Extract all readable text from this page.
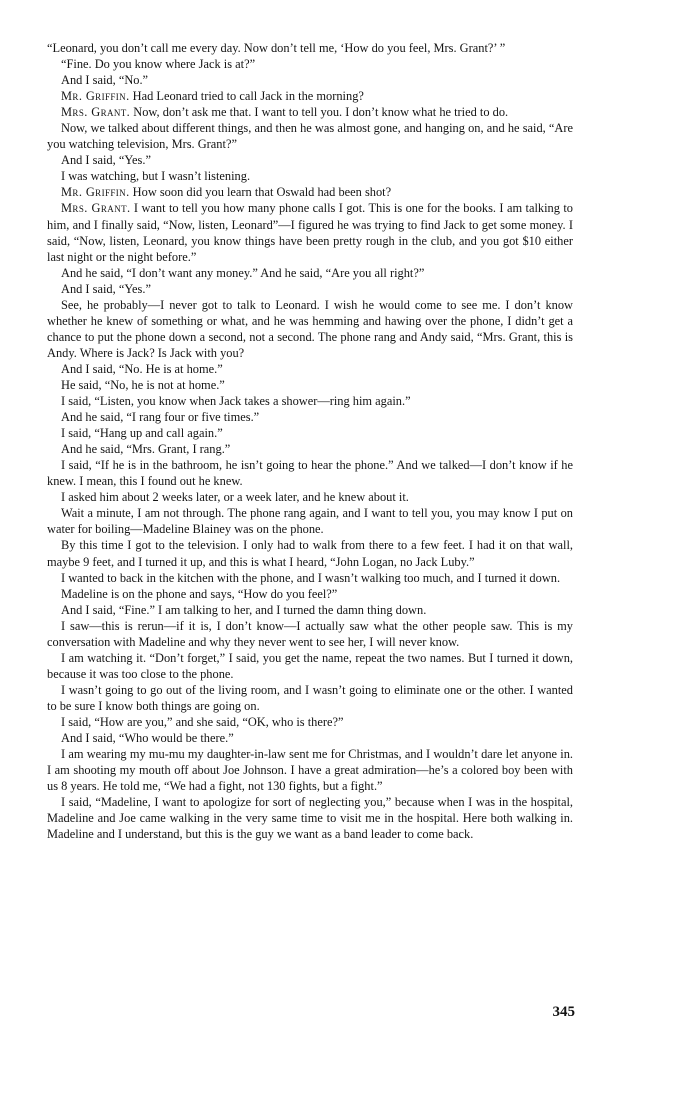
“Leonard, you don’t call me every day. Now don’t tell me, ‘How do you feel, Mrs. Grant?’ ”

“Fine. Do you know where Jack is at?”

And I said, “No.”

Mr. Griffin. Had Leonard tried to call Jack in the morning?

Mrs. Grant. Now, don’t ask me that. I want to tell you. I don’t know what he tried to do.

Now, we talked about different things, and then he was almost gone, and hanging on, and he said, “Are you watching television, Mrs. Grant?”

And I said, “Yes.”

I was watching, but I wasn’t listening.

Mr. Griffin. How soon did you learn that Oswald had been shot?

Mrs. Grant. I want to tell you how many phone calls I got. This is one for the books. I am talking to him, and I finally said, “Now, listen, Leonard”—I figured he was trying to find Jack to get some money. I said, “Now, listen, Leonard, you know things have been pretty rough in the club, and you got $10 either last night or the night before.”

And he said, “I don’t want any money.” And he said, “Are you all right?”

And I said, “Yes.”

See, he probably—I never got to talk to Leonard. I wish he would come to see me. I don’t know whether he knew of something or what, and he was hemming and hawing over the phone, I didn’t get a chance to put the phone down a second, not a second. The phone rang and Andy said, “Mrs. Grant, this is Andy. Where is Jack? Is Jack with you?

And I said, “No. He is at home.”

He said, “No, he is not at home.”

I said, “Listen, you know when Jack takes a shower—ring him again.”

And he said, “I rang four or five times.”

I said, “Hang up and call again.”

And he said, “Mrs. Grant, I rang.”

I said, “If he is in the bathroom, he isn’t going to hear the phone.” And we talked—I don’t know if he knew. I mean, this I found out he knew.

I asked him about 2 weeks later, or a week later, and he knew about it.

Wait a minute, I am not through. The phone rang again, and I want to tell you, you may know I put on water for boiling—Madeline Blainey was on the phone.

By this time I got to the television. I only had to walk from there to a few feet. I had it on that wall, maybe 9 feet, and I turned it up, and this is what I heard, “John Logan, no Jack Luby.”

I wanted to back in the kitchen with the phone, and I wasn’t walking too much, and I turned it down.

Madeline is on the phone and says, “How do you feel?”

And I said, “Fine.” I am talking to her, and I turned the damn thing down.

I saw—this is rerun—if it is, I don’t know—I actually saw what the other people saw. This is my conversation with Madeline and why they never went to see her, I will never know.

I am watching it. “Don’t forget,” I said, you get the name, repeat the two names. But I turned it down, because it was too close to the phone.

I wasn’t going to go out of the living room, and I wasn’t going to eliminate one or the other. I wanted to be sure I know both things are going on.

I said, “How are you,” and she said, “OK, who is there?”

And I said, “Who would be there.”

I am wearing my mu-mu my daughter-in-law sent me for Christmas, and I wouldn’t dare let anyone in. I am shooting my mouth off about Joe Johnson. I have a great admiration—he’s a colored boy been with us 8 years. He told me, “We had a fight, not 130 fights, but a fight.”

I said, “Madeline, I want to apologize for sort of neglecting you,” because when I was in the hospital, Madeline and Joe came walking in the very same time to visit me in the hospital. Here both walking in. Madeline and I understand, but this is the guy we want as a band leader to come back.

345
